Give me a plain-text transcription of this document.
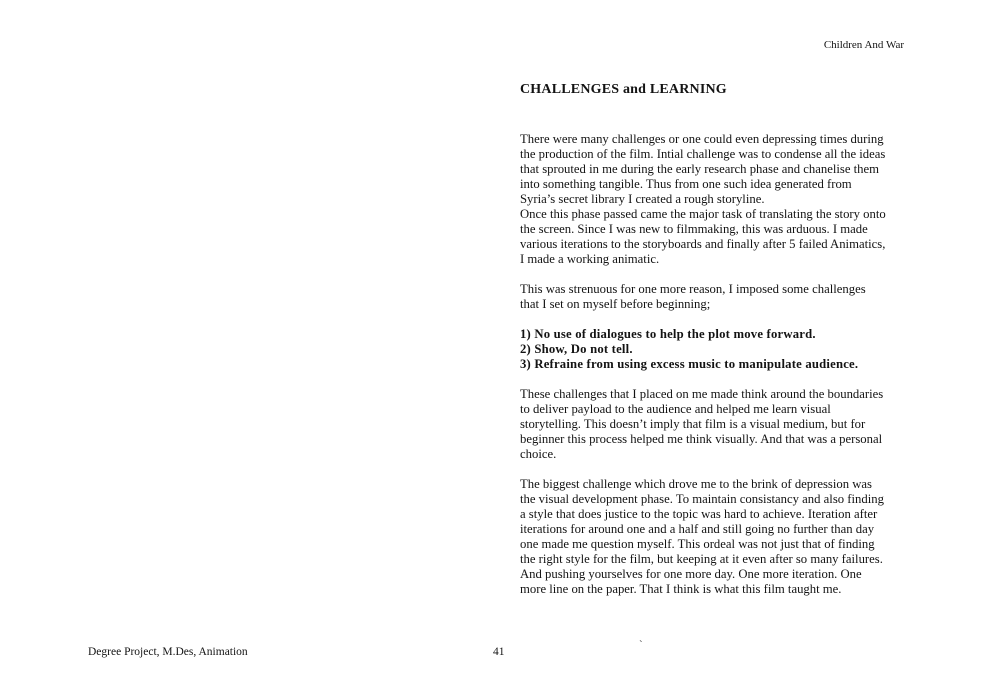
Children And War
CHALLENGES and LEARNING
There were many challenges or one could even depressing times during
the production of the film. Intial challenge was to condense all the ideas
that sprouted in me during the early research phase and chanelise them
into something tangible. Thus from one such idea generated from
Syria’s secret library I created a rough storyline.
Once this phase passed came the major task of translating the story onto
the screen. Since I was new to filmmaking, this was arduous. I made
various iterations to the storyboards and finally after 5 failed Animatics,
I made a working animatic.
This was strenuous for one more reason, I imposed some challenges
that I set on myself before beginning;
1) No use of dialogues to help the plot move forward.
2) Show, Do not tell.
3) Refraine from using excess music to manipulate audience.
These challenges that I placed on me made think around the boundaries
to deliver payload to the audience and helped me learn visual
storytelling. This doesn’t imply that film is a visual medium, but for
beginner this process helped me think visually. And that was a personal
choice.
The biggest challenge which drove me to the brink of depression was
the visual development phase. To maintain consistancy and also finding
a style that does justice to the topic was hard to achieve. Iteration after
iterations for around one and a half and still going no further than day
one made me question myself. This ordeal was not just that of finding
the right style for the film, but keeping at it even after so many failures.
And pushing yourselves for one more day. One more iteration. One
more line on the paper. That I think is what this film taught me.
Degree Project, M.Des, Animation	41
`
